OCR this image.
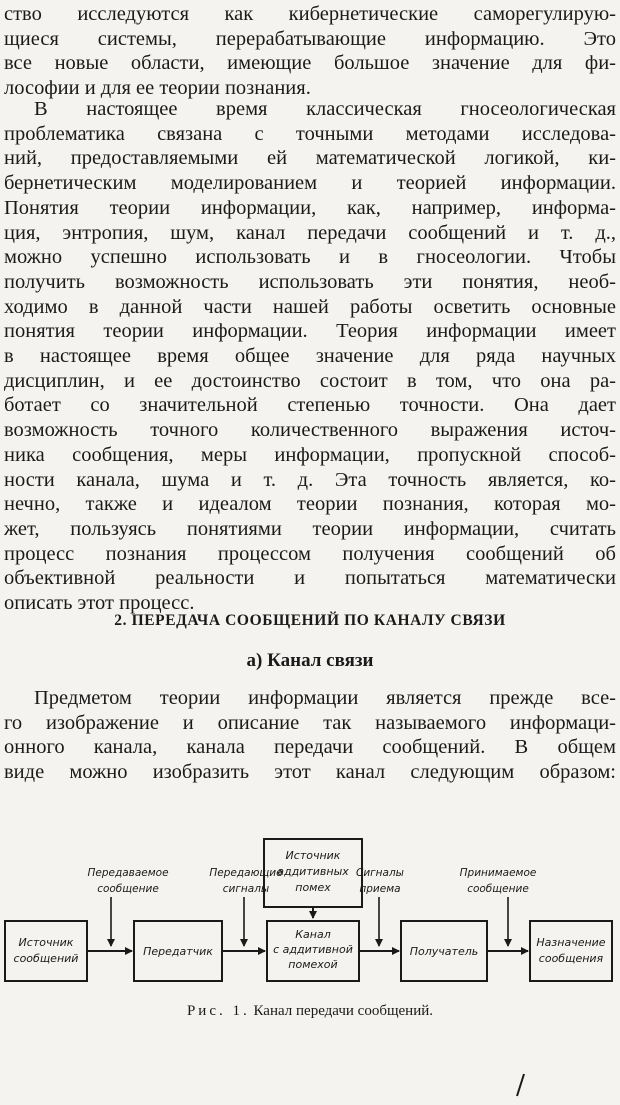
ство исследуются как кибернетические саморегулирую-
щиеся системы, перерабатывающие информацию. Это
все новые области, имеющие большое значение для фи-
лософии и для ее теории познания.
В настоящее время классическая гносеологическая
проблематика связана с точными методами исследова-
ний, предоставляемыми ей математической логикой, ки-
бернетическим моделированием и теорией информации.
Понятия теории информации, как, например, информа-
ция, энтропия, шум, канал передачи сообщений и т. д.,
можно успешно использовать и в гносеологии. Чтобы
получить возможность использовать эти понятия, необ-
ходимо в данной части нашей работы осветить основные
понятия теории информации. Теория информации имеет
в настоящее время общее значение для ряда научных
дисциплин, и ее достоинство состоит в том, что она ра-
ботает со значительной степенью точности. Она дает
возможность точного количественного выражения источ-
ника сообщения, меры информации, пропускной способ-
ности канала, шума и т. д. Эта точность является, ко-
нечно, также и идеалом теории познания, которая мо-
жет, пользуясь понятиями теории информации, считать
процесс познания процессом получения сообщений об
объективной реальности и попытаться математически
описать этот процесс.
2. ПЕРЕДАЧА СООБЩЕНИЙ ПО КАНАЛУ СВЯЗИ
а) Канал связи
Предметом теории информации является прежде все-
го изображение и описание так называемого информаци-
онного канала, канала передачи сообщений. В общем
виде можно изобразить этот канал следующим образом:
Источник
аддитивных
помех
Источник
сообщений
Передатчик
Канал
с аддитивной
помехой
Получатель
Назначение
сообщения
Передаваемое
сообщение
Передающие
сигналы
Сигналы
приема
Принимаемое
сообщение

Рис. 1. Канал передачи сообщений.
